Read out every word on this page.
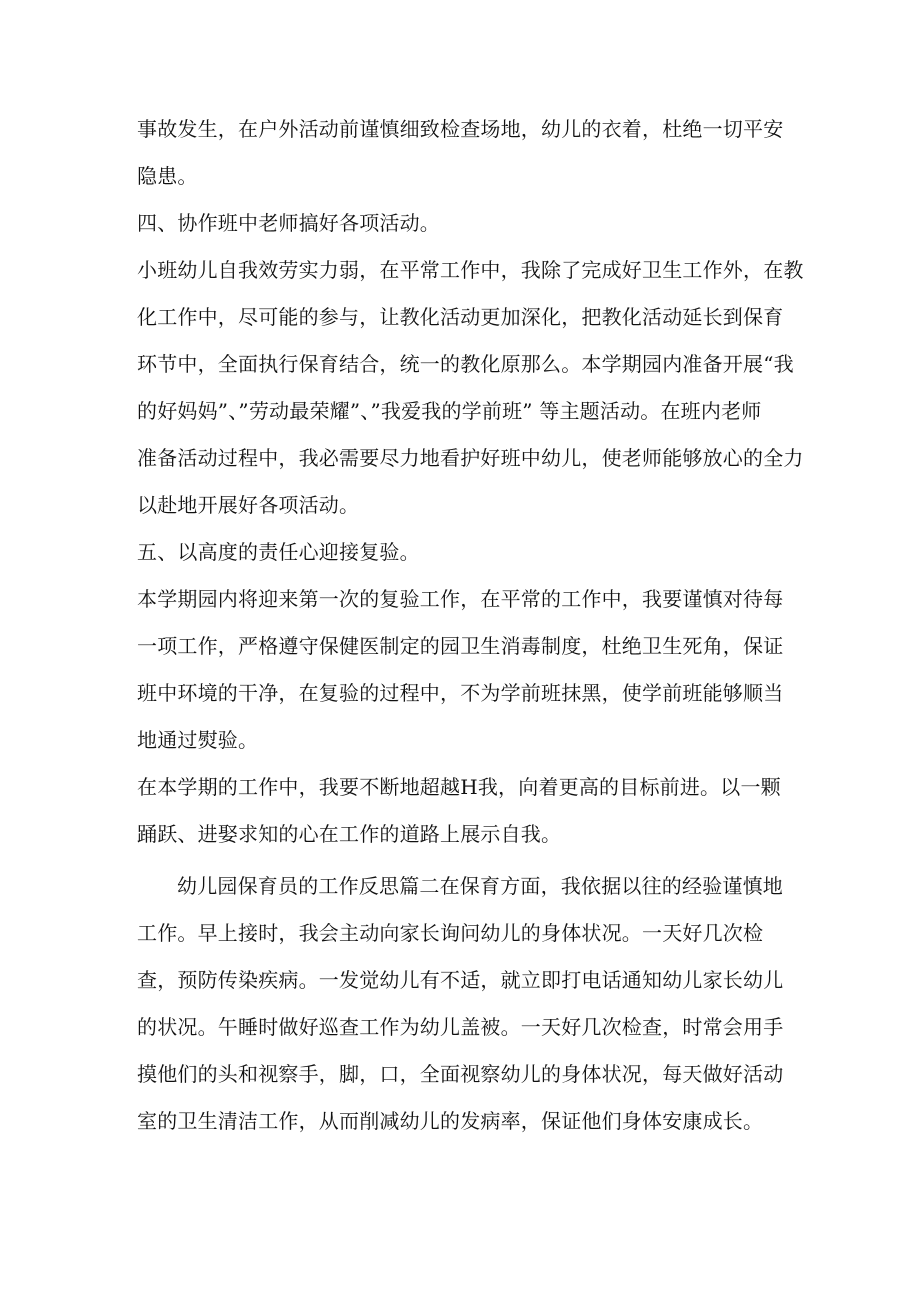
事故发生，在户外活动前谨慎细致检查场地，幼儿的衣着，杜绝一切平安
隐患。
四、协作班中老师搞好各项活动。
小班幼儿自我效劳实力弱，在平常工作中，我除了完成好卫生工作外，在教
化工作中，尽可能的参与，让教化活动更加深化，把教化活动延长到保育
环节中，全面执行保育结合，统一的教化原那么。本学期园内准备开展“我
的好妈妈”、”劳动最荣耀”、”我爱我的学前班” 等主题活动。在班内老师
准备活动过程中，我必需要尽力地看护好班中幼儿，使老师能够放心的全力
以赴地开展好各项活动。
五、以高度的责任心迎接复验。
本学期园内将迎来第一次的复验工作，在平常的工作中，我要谨慎对待每
一项工作，严格遵守保健医制定的园卫生消毒制度，杜绝卫生死角，保证
班中环境的干净，在复验的过程中，不为学前班抹黑，使学前班能够顺当
地通过熨验。
在本学期的工作中，我要不断地超越H我，向着更高的目标前进。以一颗
踊跃、进娶求知的心在工作的道路上展示自我。
幼儿园保育员的工作反思篇二在保育方面，我依据以往的经验谨慎地
工作。早上接时，我会主动向家长询问幼儿的身体状况。一天好几次检
查，预防传染疾病。一发觉幼儿有不适，就立即打电话通知幼儿家长幼儿
的状况。午睡时做好巡查工作为幼儿盖被。一天好几次检查，时常会用手
摸他们的头和视察手，脚，口，全面视察幼儿的身体状况，每天做好活动
室的卫生清洁工作，从而削减幼儿的发病率，保证他们身体安康成长。
